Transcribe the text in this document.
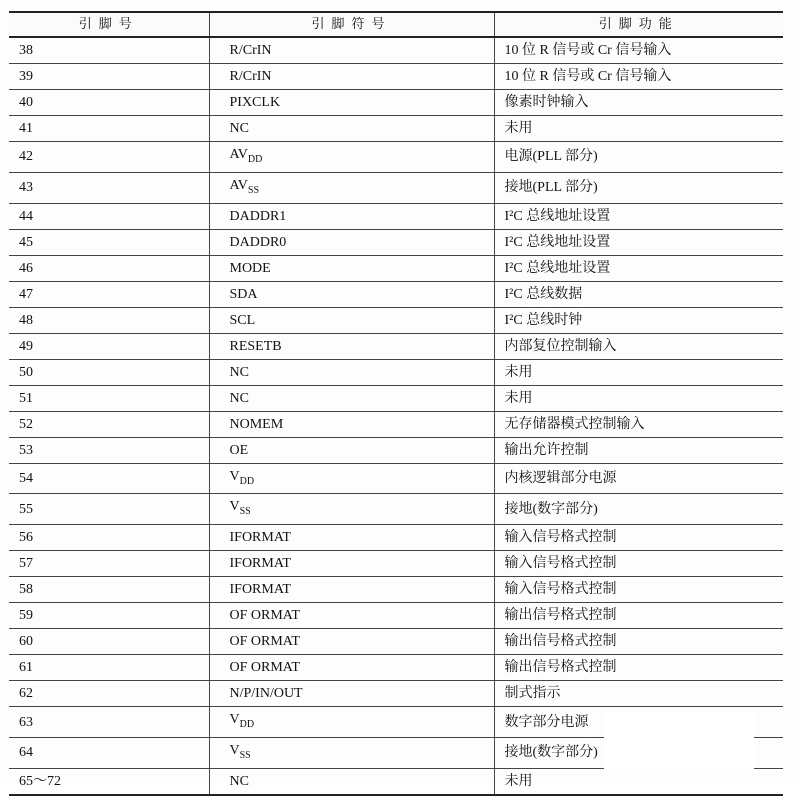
引脚号	引脚符号	引脚功能
38	R/CrIN	10 位 R 信号或 Cr 信号输入
39	R/CrIN	10 位 R 信号或 Cr 信号输入
40	PIXCLK	像素时钟输入
41	NC	未用
42	$AV_{DD}$	电源(PLL 部分)
43	$AV_{SS}$	接地(PLL 部分)
44	DADDR1	I²C 总线地址设置
45	DADDR0	I²C 总线地址设置
46	MODE	I²C 总线地址设置
47	SDA	I²C 总线数据
48	SCL	I²C 总线时钟
49	RESETB	内部复位控制输入
50	NC	未用
51	NC	未用
52	NOMEM	无存储器模式控制输入
53	OE	输出允许控制
54	$V_{DD}$	内核逻辑部分电源
55	$V_{SS}$	接地(数字部分)
56	IFORMAT	输入信号格式控制
57	IFORMAT	输入信号格式控制
58	IFORMAT	输入信号格式控制
59	OF ORMAT	输出信号格式控制
60	OF ORMAT	输出信号格式控制
61	OF ORMAT	输出信号格式控制
62	N/P/IN/OUT	制式指示
63	$V_{DD}$	数字部分电源
64	$V_{SS}$	接地(数字部分)
65～72	NC	未用
